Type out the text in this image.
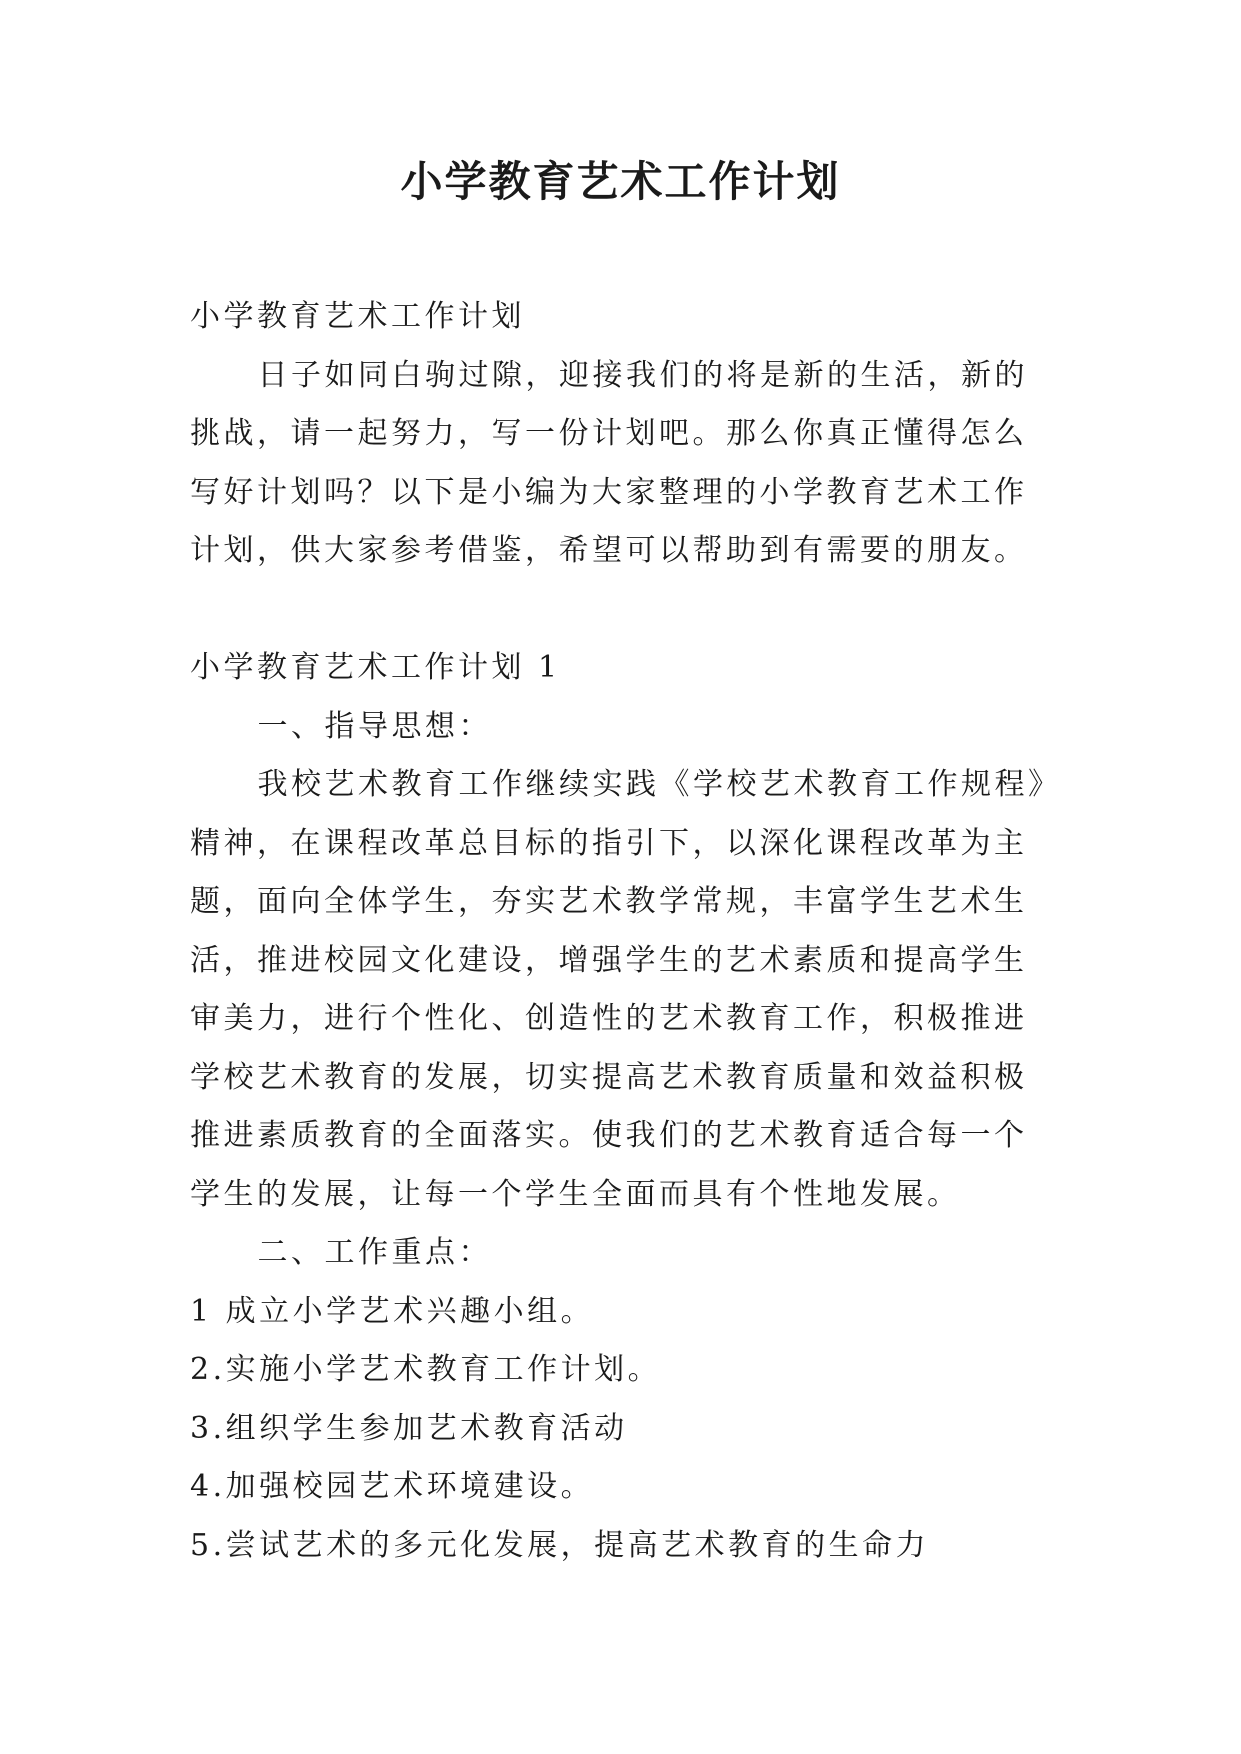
小学教育艺术工作计划

小学教育艺术工作计划

日子如同白驹过隙，迎接我们的将是新的生活，新的挑战，请一起努力，写一份计划吧。那么你真正懂得怎么写好计划吗？以下是小编为大家整理的小学教育艺术工作计划，供大家参考借鉴，希望可以帮助到有需要的朋友。

小学教育艺术工作计划 1

一、指导思想：

我校艺术教育工作继续实践《学校艺术教育工作规程》精神，在课程改革总目标的指引下，以深化课程改革为主题，面向全体学生，夯实艺术教学常规，丰富学生艺术生活，推进校园文化建设，增强学生的艺术素质和提高学生审美力，进行个性化、创造性的艺术教育工作，积极推进学校艺术教育的发展，切实提高艺术教育质量和效益积极推进素质教育的全面落实。使我们的艺术教育适合每一个学生的发展，让每一个学生全面而具有个性地发展。

二、工作重点：

1 成立小学艺术兴趣小组。

2.实施小学艺术教育工作计划。

3.组织学生参加艺术教育活动

4.加强校园艺术环境建设。

5.尝试艺术的多元化发展，提高艺术教育的生命力
